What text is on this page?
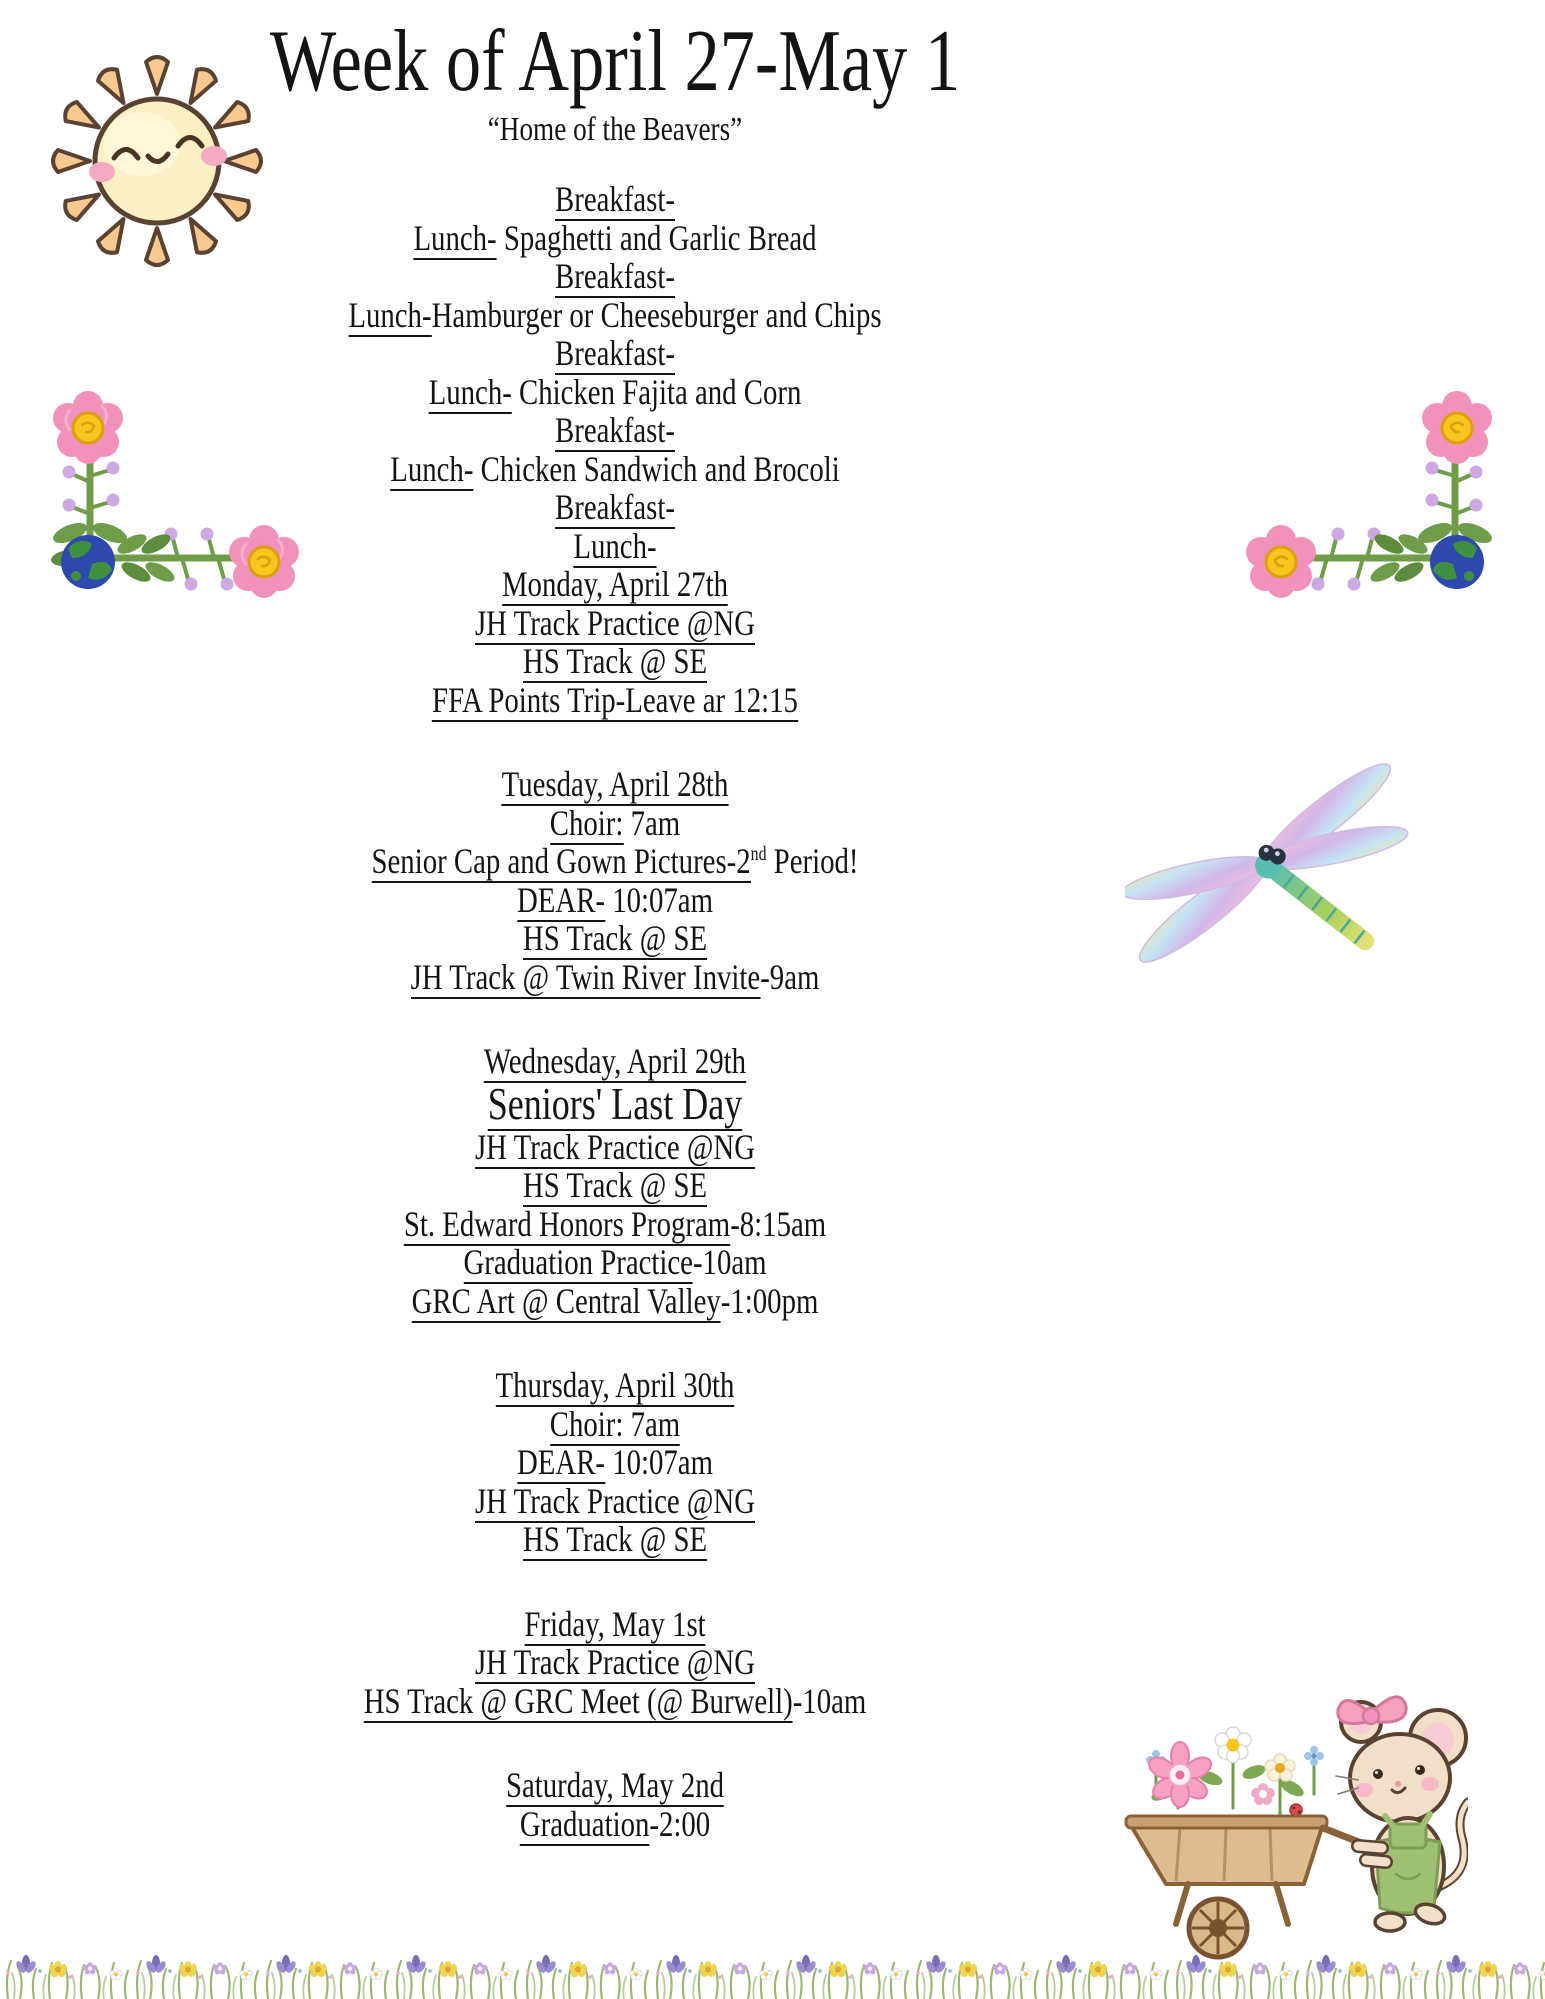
Week of April 27-May 1
“Home of the Beavers”
Breakfast-
Lunch- Spaghetti and Garlic Bread
Breakfast-
Lunch-Hamburger or Cheeseburger and Chips
Breakfast-
Lunch- Chicken Fajita and Corn
Breakfast-
Lunch- Chicken Sandwich and Brocoli
Breakfast-
Lunch-
Monday, April 27th
JH Track Practice @NG
HS Track @ SE
FFA Points Trip-Leave ar 12:15
Tuesday, April 28th
Choir: 7am
Senior Cap and Gown Pictures-2nd Period!
DEAR- 10:07am
HS Track @ SE
JH Track @ Twin River Invite-9am
Wednesday, April 29th
Seniors' Last Day
JH Track Practice @NG
HS Track @ SE
St. Edward Honors Program-8:15am
Graduation Practice-10am
GRC Art @ Central Valley-1:00pm
Thursday, April 30th
Choir: 7am
DEAR- 10:07am
JH Track Practice @NG
HS Track @ SE
Friday, May 1st
JH Track Practice @NG
HS Track @ GRC Meet (@ Burwell)-10am
Saturday, May 2nd
Graduation-2:00
